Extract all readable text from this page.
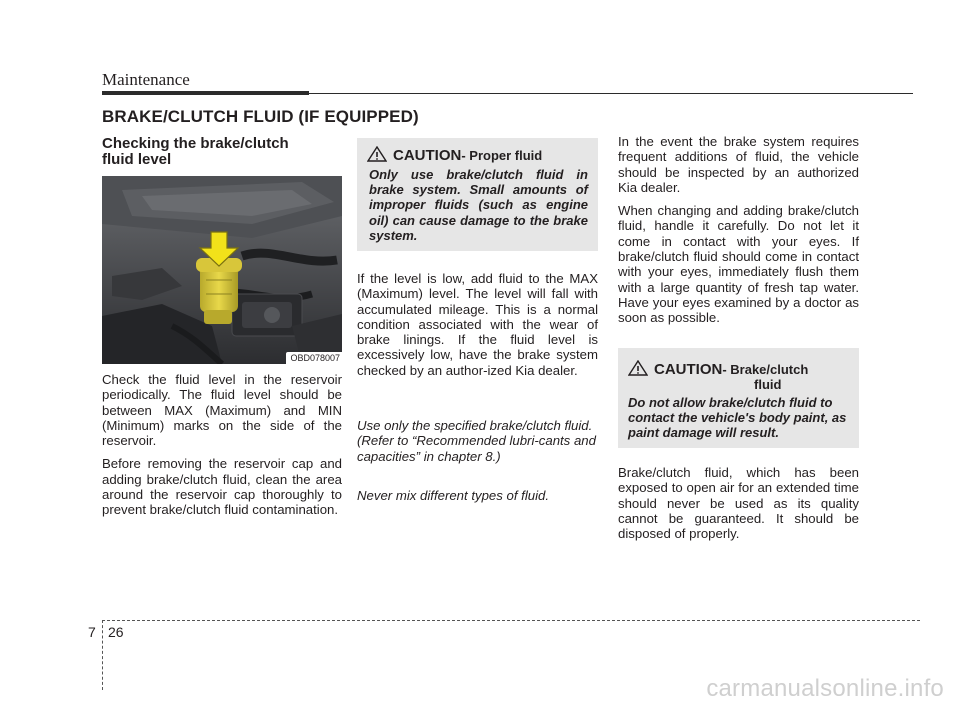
Maintenance
BRAKE/CLUTCH FLUID (IF EQUIPPED)
Checking the brake/clutch
fluid level
OBD078007

Check the fluid level in the reservoir periodically. The fluid level should be between MAX (Maximum) and MIN (Minimum) marks on the side of the reservoir.

Before removing the reservoir cap and adding brake/clutch fluid, clean the area around the reservoir cap thoroughly to prevent brake/clutch fluid contamination.

CAUTION - Proper fluid
Only use brake/clutch fluid in brake system. Small amounts of improper fluids (such as engine oil) can cause damage to the brake system.

If the level is low, add fluid to the MAX (Maximum) level. The level will fall with accumulated mileage. This is a normal condition associated with the wear of brake linings. If the fluid level is excessively low, have the brake system checked by an author-ized Kia dealer.

Use only the specified brake/clutch fluid. (Refer to “Recommended lubri-cants and capacities” in chapter 8.)
Never mix different types of fluid.

In the event the brake system requires frequent additions of fluid, the vehicle should be inspected by an authorized Kia dealer.

When changing and adding brake/clutch fluid, handle it carefully. Do not let it come in contact with your eyes. If brake/clutch fluid should come in contact with your eyes, immediately flush them with a large quantity of fresh tap water. Have your eyes examined by a doctor as soon as possible.

CAUTION - Brake/clutch
fluid
Do not allow brake/clutch fluid to contact the vehicle's body paint, as paint damage will result.
Brake/clutch fluid, which has been exposed to open air for an extended time should never be used as its quality cannot be guaranteed. It should be disposed of properly.
7 26
carmanualsonline.info
